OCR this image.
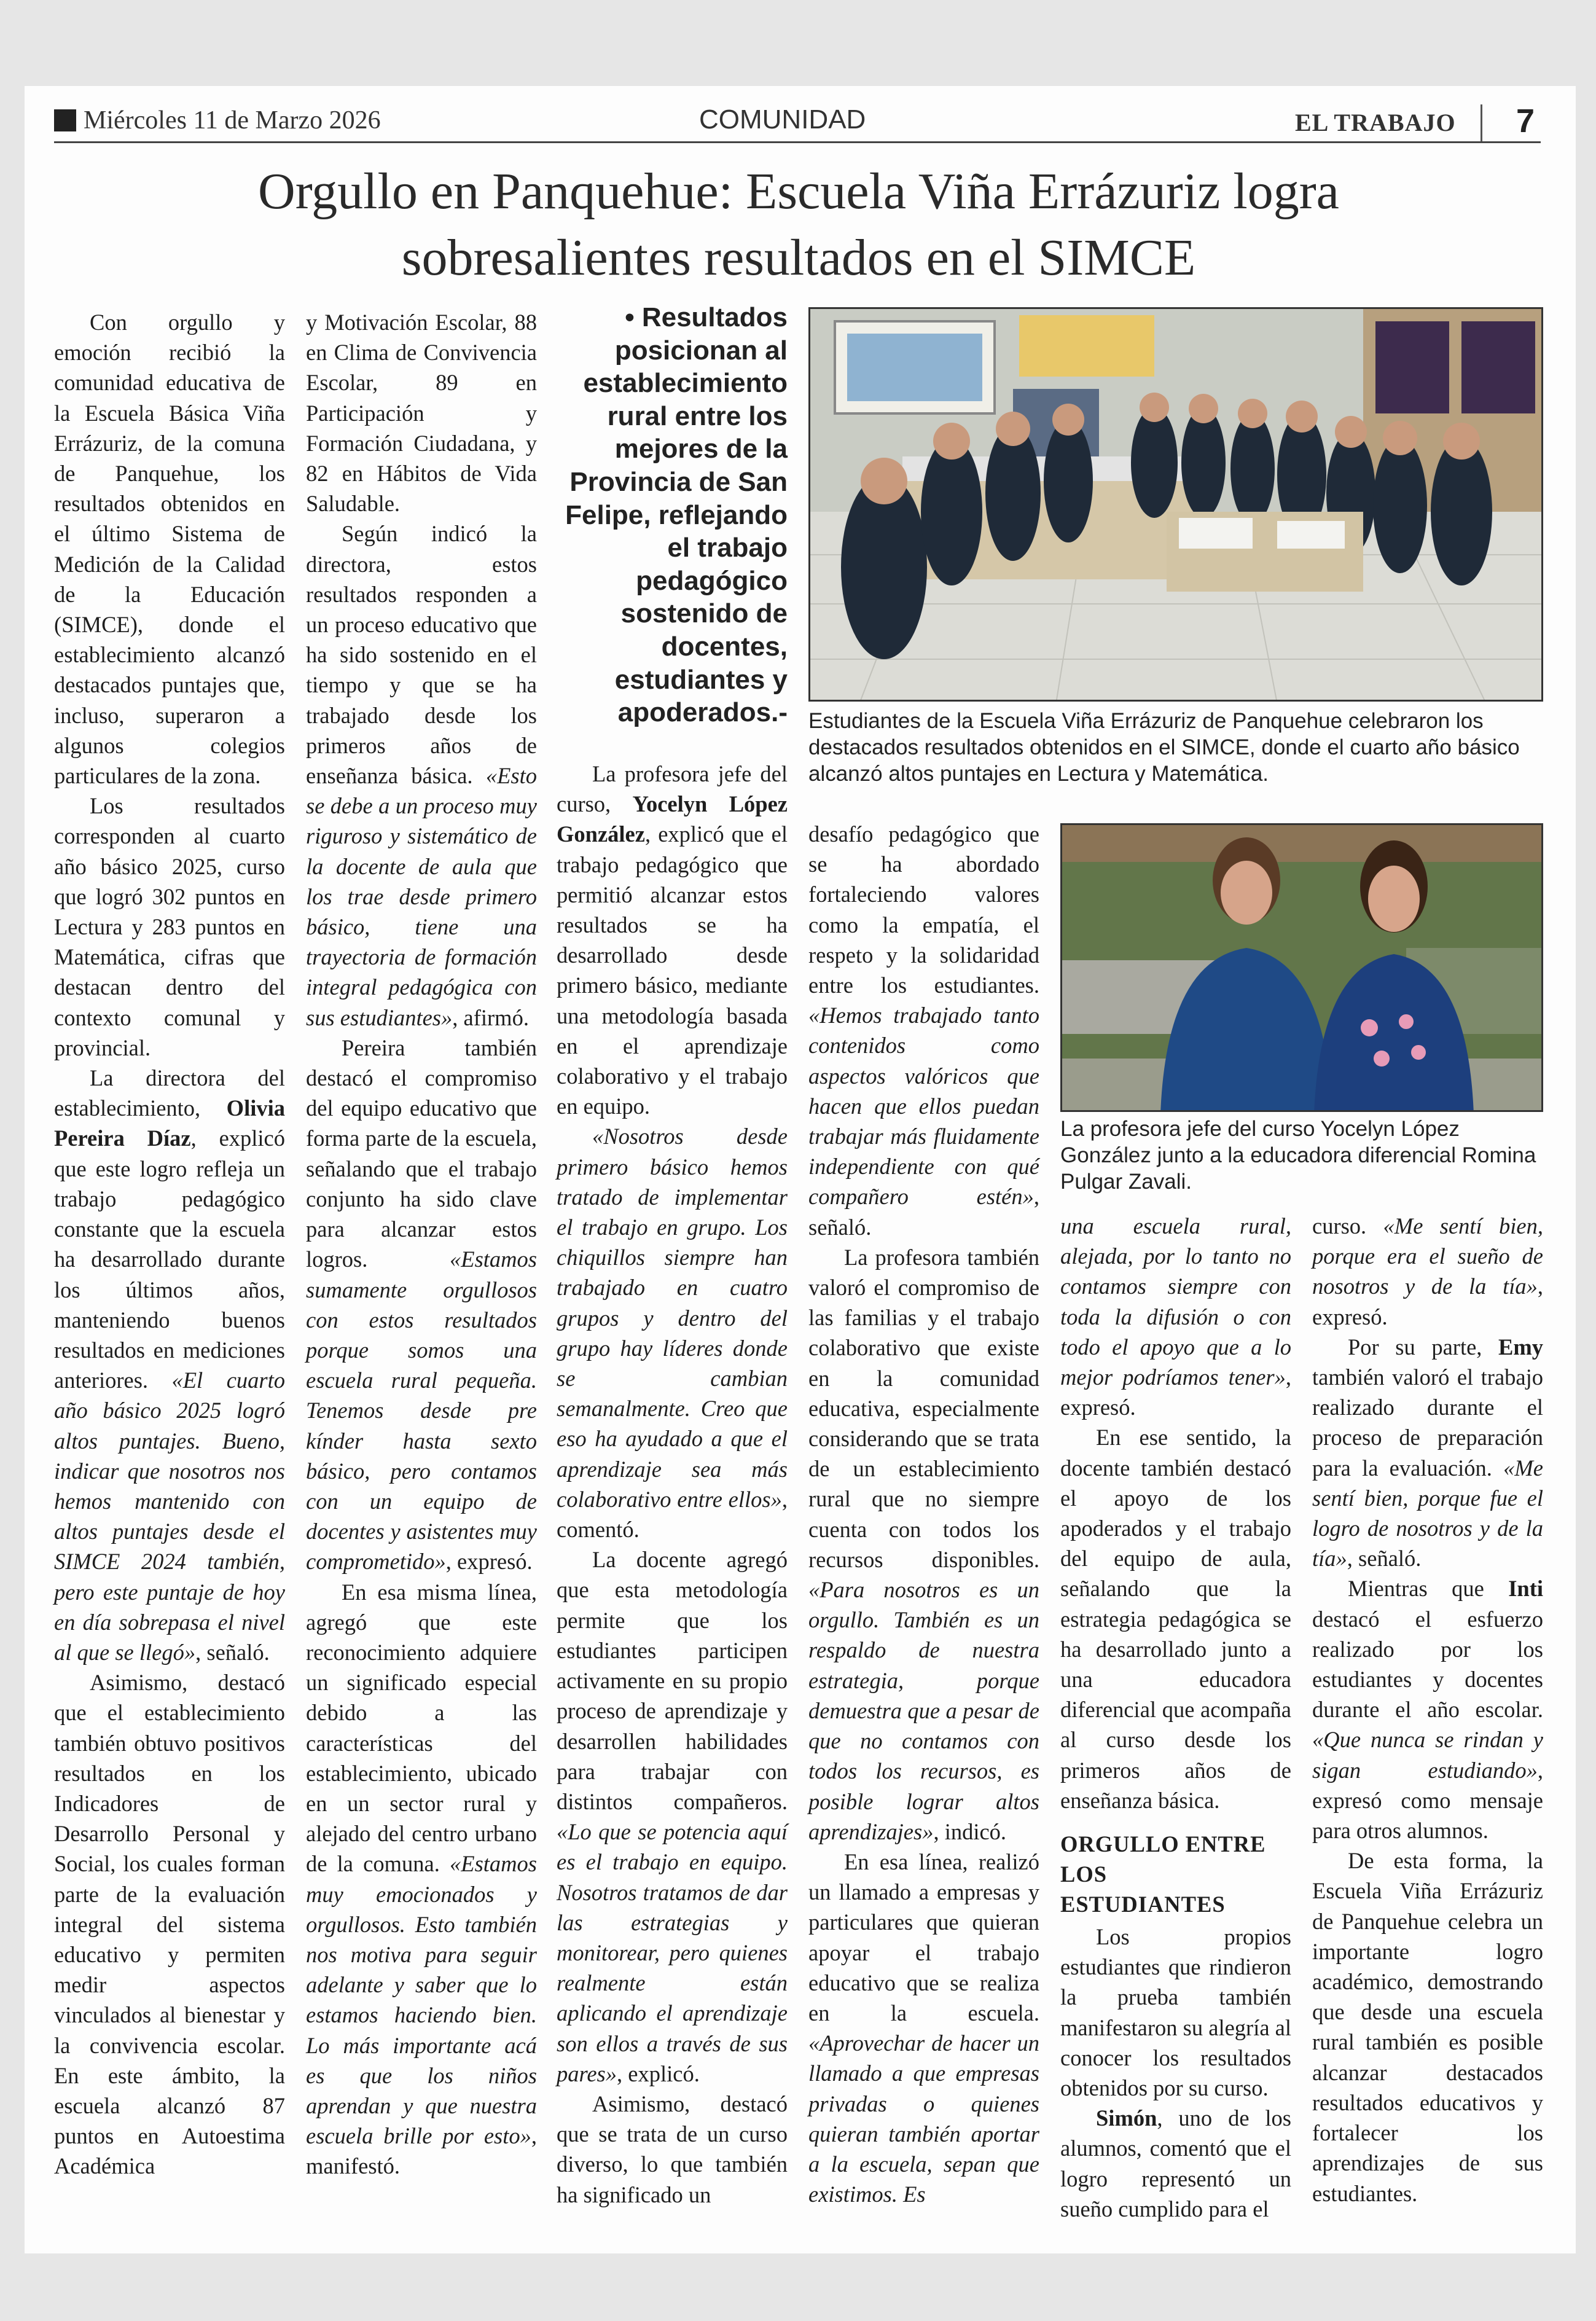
Miércoles 11 de Marzo 2026	COMUNIDAD	EL TRABAJO 7
Orgullo en Panquehue: Escuela Viña Errázuriz logra
sobresalientes resultados en el SIMCE
• Resultados posicionan al establecimiento rural entre los mejores de la Provincia de San Felipe, reflejando el trabajo pedagógico sostenido de docentes, estudiantes y apoderados.- Estudiantes de la Escuela Viña Errázuriz de Panquehue celebraron los destacados resultados obtenidos en el SIMCE, donde el cuarto año básico alcanzó altos puntajes en Lectura y Matemática.
La profesora jefe del curso Yocelyn López González junto a la educadora diferencial Romina Pulgar Zavali.

Con orgullo y emoción recibió la comunidad educativa de la Escuela Básica Viña Errázuriz, de la comuna de Panquehue, los resultados obtenidos en el último Sistema de Medición de la Calidad de la Educación (SIMCE), donde el establecimiento alcanzó destacados puntajes que, incluso, superaron a algunos colegios particulares de la zona.

Los resultados corresponden al cuarto año básico 2025, curso que logró 302 puntos en Lectura y 283 puntos en Matemática, cifras que destacan dentro del contexto comunal y provincial.

La directora del establecimiento, Olivia Pereira Díaz, explicó que este logro refleja un trabajo pedagógico constante que la escuela ha desarrollado durante los últimos años, manteniendo buenos resultados en mediciones anteriores. «El cuarto año básico 2025 logró altos puntajes. Bueno, indicar que nosotros nos hemos mantenido con altos puntajes desde el SIMCE 2024 también, pero este puntaje de hoy en día sobrepasa el nivel al que se llegó», señaló.

Asimismo, destacó que el establecimiento también obtuvo positivos resultados en los Indicadores de Desarrollo Personal y Social, los cuales forman parte de la evaluación integral del sistema educativo y permiten medir aspectos vinculados al bienestar y la convivencia escolar. En este ámbito, la escuela alcanzó 87 puntos en Autoestima Académica

y Motivación Escolar, 88 en Clima de Convivencia Escolar, 89 en Participación y Formación Ciudadana, y 82 en Hábitos de Vida Saludable.

Según indicó la directora, estos resultados responden a un proceso educativo que ha sido sostenido en el tiempo y que se ha trabajado desde los primeros años de enseñanza básica. «Esto se debe a un proceso muy riguroso y sistemático de la docente de aula que los trae desde primero básico, tiene una trayectoria de formación integral pedagógica con sus estudiantes», afirmó.

Pereira también destacó el compromiso del equipo educativo que forma parte de la escuela, señalando que el trabajo conjunto ha sido clave para alcanzar estos logros. «Estamos sumamente orgullosos con estos resultados porque somos una escuela rural pequeña. Tenemos desde pre kínder hasta sexto básico, pero contamos con un equipo de docentes y asistentes muy comprometido», expresó.

En esa misma línea, agregó que este reconocimiento adquiere un significado especial debido a las características del establecimiento, ubicado en un sector rural y alejado del centro urbano de la comuna. «Estamos muy emocionados y orgullosos. Esto también nos motiva para seguir adelante y saber que lo estamos haciendo bien. Lo más importante acá es que los niños aprendan y que nuestra escuela brille por esto», manifestó.

La profesora jefe del curso, Yocelyn López González, explicó que el trabajo pedagógico que permitió alcanzar estos resultados se ha desarrollado desde primero básico, mediante una metodología basada en el aprendizaje colaborativo y el trabajo en equipo.

«Nosotros desde primero básico hemos tratado de implementar el trabajo en grupo. Los chiquillos siempre han trabajado en cuatro grupos y dentro del grupo hay líderes donde se cambian semanalmente. Creo que eso ha ayudado a que el aprendizaje sea más colaborativo entre ellos», comentó.

La docente agregó que esta metodología permite que los estudiantes participen activamente en su propio proceso de aprendizaje y desarrollen habilidades para trabajar con distintos compañeros. «Lo que se potencia aquí es el trabajo en equipo. Nosotros tratamos de dar las estrategias y monitorear, pero quienes realmente están aplicando el aprendizaje son ellos a través de sus pares», explicó.

Asimismo, destacó que se trata de un curso diverso, lo que también ha significado un

desafío pedagógico que se ha abordado fortaleciendo valores como la empatía, el respeto y la solidaridad entre los estudiantes. «Hemos trabajado tanto contenidos como aspectos valóricos que hacen que ellos puedan trabajar más fluidamente independiente con qué compañero estén», señaló.

La profesora también valoró el compromiso de las familias y el trabajo colaborativo que existe en la comunidad educativa, especialmente considerando que se trata de un establecimiento rural que no siempre cuenta con todos los recursos disponibles. «Para nosotros es un orgullo. También es un respaldo de nuestra estrategia, porque demuestra que a pesar de que no contamos con todos los recursos, es posible lograr altos aprendizajes», indicó.

En esa línea, realizó un llamado a empresas y particulares que quieran apoyar el trabajo educativo que se realiza en la escuela. «Aprovechar de hacer un llamado a que empresas privadas o quienes quieran también aportar a la escuela, sepan que existimos. Es

una escuela rural, alejada, por lo tanto no contamos siempre con toda la difusión o con todo el apoyo que a lo mejor podríamos tener», expresó.

En ese sentido, la docente también destacó el apoyo de los apoderados y el trabajo del equipo de aula, señalando que la estrategia pedagógica se ha desarrollado junto a una educadora diferencial que acompaña al curso desde los primeros años de enseñanza básica.

ORGULLO ENTRE
LOS
ESTUDIANTES

Los propios estudiantes que rindieron la prueba también manifestaron su alegría al conocer los resultados obtenidos por su curso.

Simón, uno de los alumnos, comentó que el logro representó un sueño cumplido para el

curso. «Me sentí bien, porque era el sueño de nosotros y de la tía», expresó.

Por su parte, Emy también valoró el trabajo realizado durante el proceso de preparación para la evaluación. «Me sentí bien, porque fue el logro de nosotros y de la tía», señaló.

Mientras que Inti destacó el esfuerzo realizado por los estudiantes y docentes durante el año escolar. «Que nunca se rindan y sigan estudiando», expresó como mensaje para otros alumnos.

De esta forma, la Escuela Viña Errázuriz de Panquehue celebra un importante logro académico, demostrando que desde una escuela rural también es posible alcanzar destacados resultados educativos y fortalecer los aprendizajes de sus estudiantes.
